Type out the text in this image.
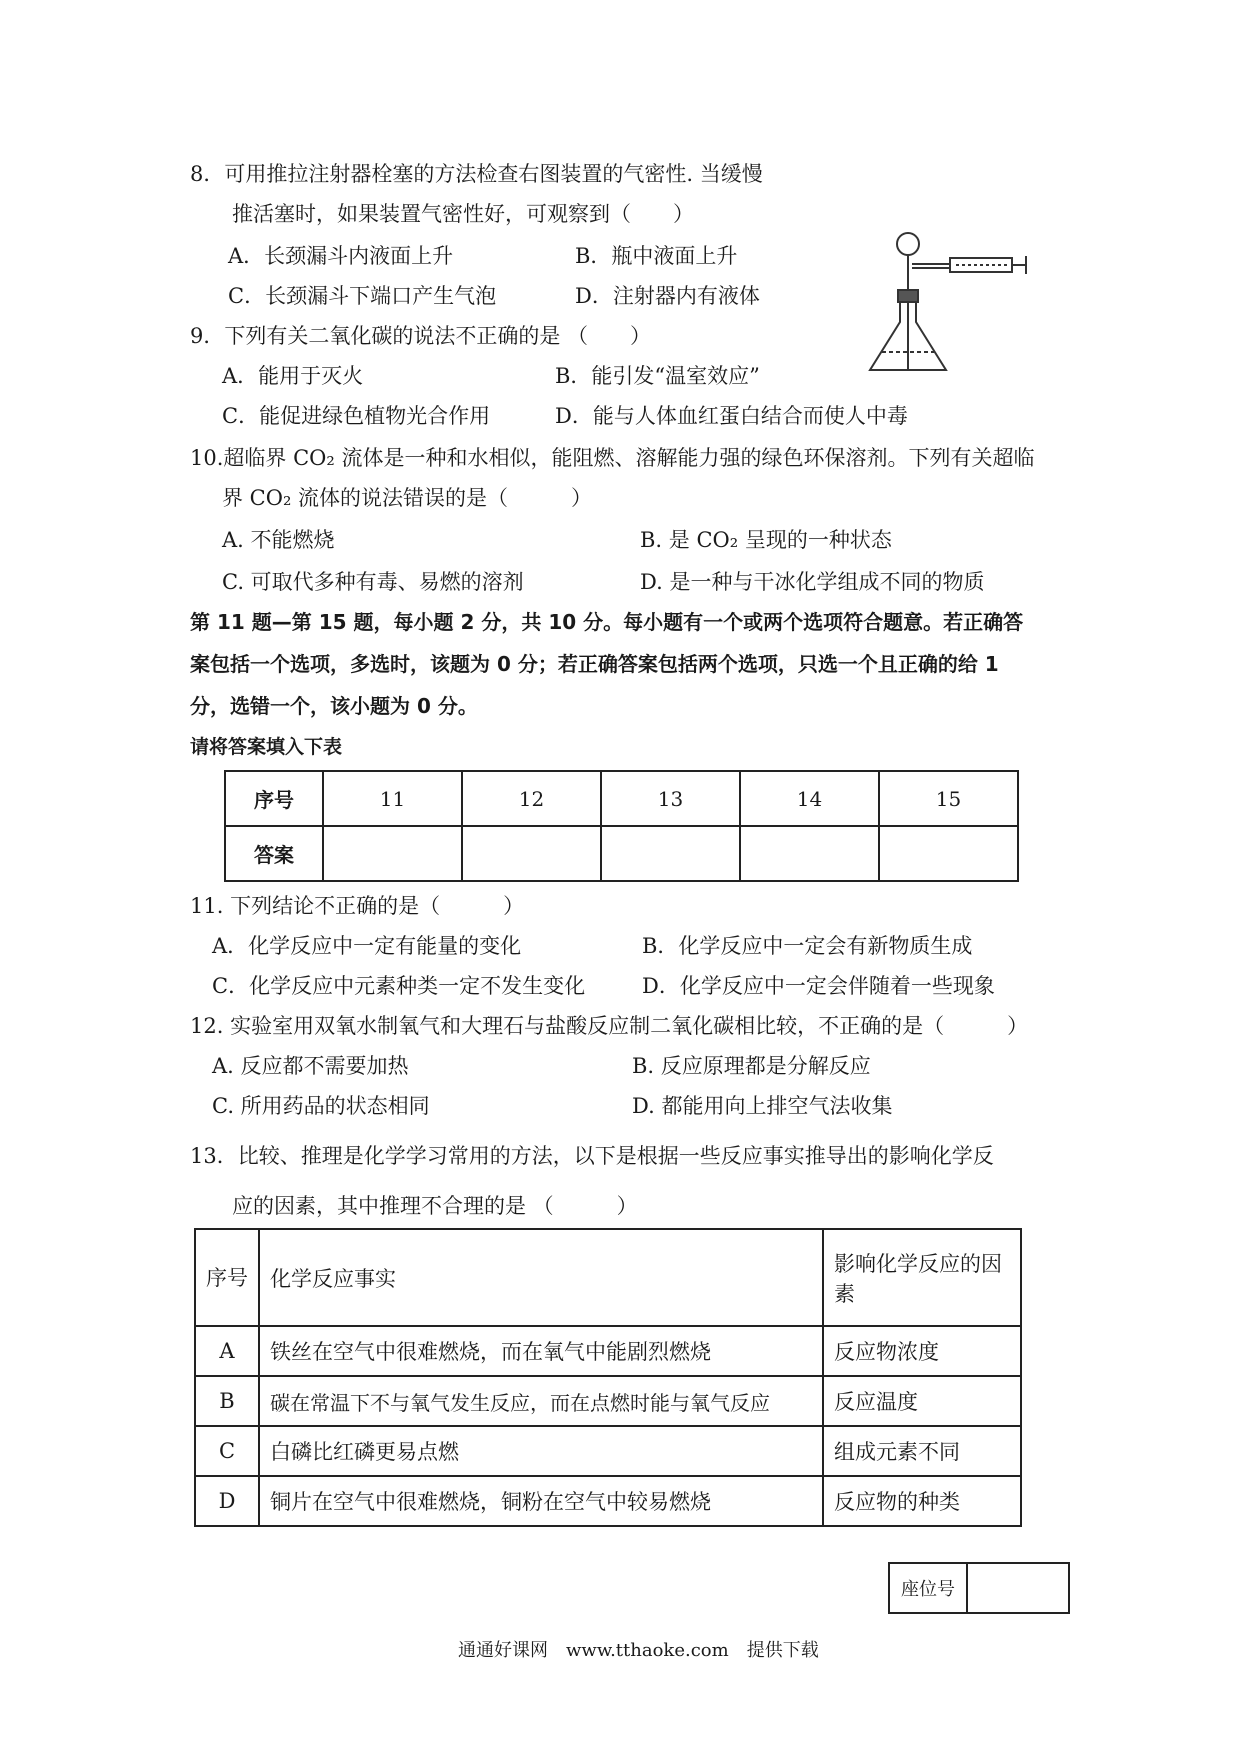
8．可用推拉注射器栓塞的方法检查右图装置的气密性. 当缓慢
推活塞时，如果装置气密性好，可观察到（　　）
A．长颈漏斗内液面上升	B．瓶中液面上升
C．长颈漏斗下端口产生气泡	D．注射器内有液体
9．下列有关二氧化碳的说法不正确的是 （　　）
A．能用于灭火	B．能引发“温室效应”
C．能促进绿色植物光合作用	D．能与人体血红蛋白结合而使人中毒
10.超临界 CO₂ 流体是一种和水相似，能阻燃、溶解能力强的绿色环保溶剂。下列有关超临
界 CO₂ 流体的说法错误的是（　　　）
A. 不能燃烧	B. 是 CO₂ 呈现的一种状态
C. 可取代多种有毒、易燃的溶剂	D. 是一种与干冰化学组成不同的物质
第 11 题—第 15 题，每小题 2 分，共 10 分。每小题有一个或两个选项符合题意。若正确答
案包括一个选项，多选时，该题为 0 分；若正确答案包括两个选项，只选一个且正确的给 1
分，选错一个，该小题为 0 分。
请将答案填入下表
序号	11	12	13	14	15
答案					
11. 下列结论不正确的是（　　　）
A．化学反应中一定有能量的变化	B．化学反应中一定会有新物质生成
C．化学反应中元素种类一定不发生变化	D．化学反应中一定会伴随着一些现象
12. 实验室用双氧水制氧气和大理石与盐酸反应制二氧化碳相比较，不正确的是（　　　）
A. 反应都不需要加热	B. 反应原理都是分解反应
C. 所用药品的状态相同	D. 都能用向上排空气法收集
13．比较、推理是化学学习常用的方法，以下是根据一些反应事实推导出的影响化学反
应的因素，其中推理不合理的是 （　　　）
序号	化学反应事实	影响化学反应的因素
A	铁丝在空气中很难燃烧，而在氧气中能剧烈燃烧	反应物浓度
B	碳在常温下不与氧气发生反应，而在点燃时能与氧气反应	反应温度
C	白磷比红磷更易点燃	组成元素不同
D	铜片在空气中很难燃烧，铜粉在空气中较易燃烧	反应物的种类
座位号
通通好课网　www.tthaoke.com　提供下载
